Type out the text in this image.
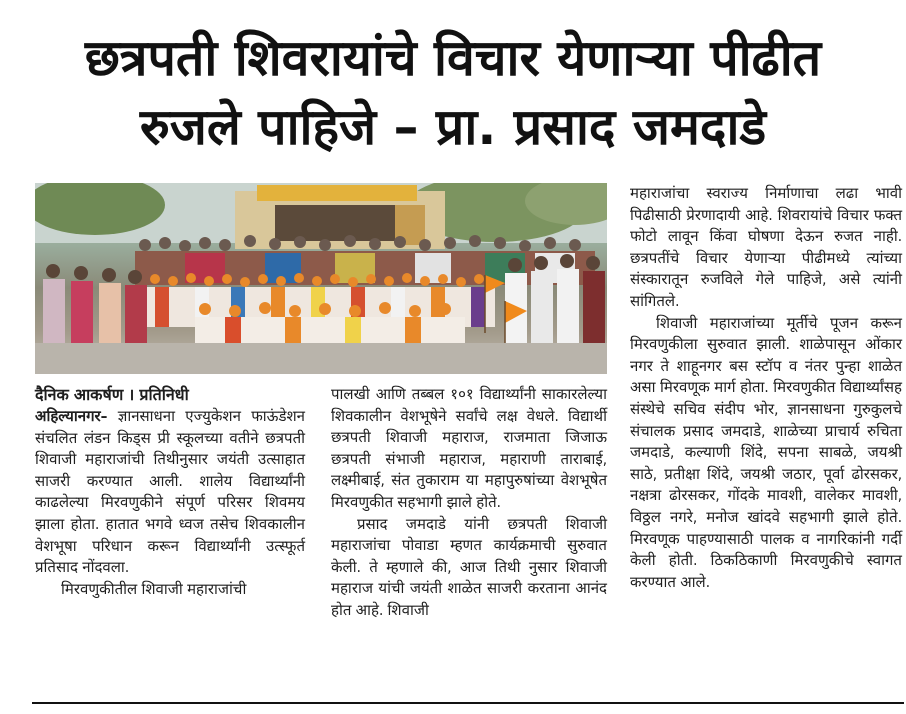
छत्रपती शिवरायांचे विचार येणाऱ्या पीढीत
रुजले पाहिजे – प्रा. प्रसाद जमदाडे
दैनिक आकर्षण । प्रतिनिधी

अहिल्यानगर– ज्ञानसाधना एज्युकेशन फाऊंडेशन संचलित लंडन किड्स प्री स्कूलच्या वतीने छत्रपती शिवाजी महाराजांची तिथीनुसार जयंती उत्साहात साजरी करण्यात आली. शालेय विद्यार्थ्यांनी काढलेल्या मिरवणुकीने संपूर्ण परिसर शिवमय झाला होता. हातात भगवे ध्वज तसेच शिवकालीन वेशभूषा परिधान करून विद्यार्थ्यांनी उत्स्फूर्त प्रतिसाद नोंदवला.

मिरवणुकीतील शिवाजी महाराजांची

पालखी आणि तब्बल १०१ विद्यार्थ्यांनी साकारलेल्या शिवकालीन वेशभूषेने सर्वांचे लक्ष वेधले. विद्यार्थी छत्रपती शिवाजी महाराज, राजमाता जिजाऊ छत्रपती संभाजी महाराज, महाराणी ताराबाई, लक्ष्मीबाई, संत तुकाराम या महापुरुषांच्या वेशभूषेत मिरवणुकीत सहभागी झाले होते.

प्रसाद जमदाडे यांनी छत्रपती शिवाजी महाराजांचा पोवाडा म्हणत कार्यक्रमाची सुरुवात केली. ते म्हणाले की, आज तिथी नुसार शिवाजी महाराज यांची जयंती शाळेत साजरी करताना आनंद होत आहे. शिवाजी

महाराजांचा स्वराज्य निर्माणाचा लढा भावी पिढीसाठी प्रेरणादायी आहे. शिवरायांचे विचार फक्त फोटो लावून किंवा घोषणा देऊन रुजत नाही. छत्रपतींचे विचार येणाऱ्या पीढीमध्ये त्यांच्या संस्कारातून रुजविले गेले पाहिजे, असे त्यांनी सांगितले.

शिवाजी महाराजांच्या मूर्तीचे पूजन करून मिरवणुकीला सुरुवात झाली. शाळेपासून ओंकार नगर ते शाहूनगर बस स्टॉप व नंतर पुन्हा शाळेत असा मिरवणूक मार्ग होता. मिरवणुकीत विद्यार्थ्यांसह संस्थेचे सचिव संदीप भोर, ज्ञानसाधना गुरुकुलचे संचालक प्रसाद जमदाडे, शाळेच्या प्राचार्य रुचिता जमदाडे, कल्याणी शिंदे, सपना साबळे, जयश्री साठे, प्रतीक्षा शिंदे, जयश्री जठार, पूर्वा ढोरसकर, नक्षत्रा ढोरसकर, गोंदके मावशी, वालेकर मावशी, विठ्ठल नगरे, मनोज खांदवे सहभागी झाले होते. मिरवणूक पाहण्यासाठी पालक व नागरिकांनी गर्दी केली होती. ठिकठिकाणी मिरवणुकीचे स्वागत करण्यात आले.
